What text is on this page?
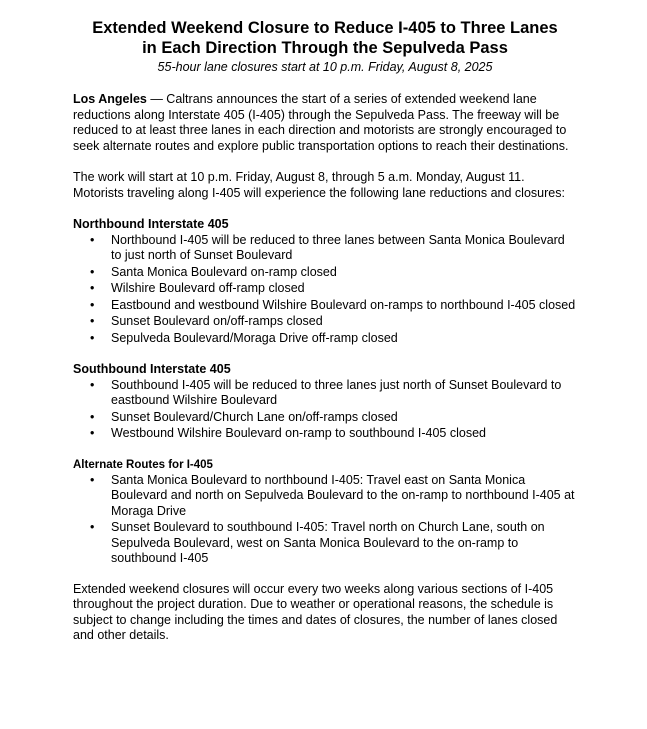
Extended Weekend Closure to Reduce I-405 to Three Lanes
in Each Direction Through the Sepulveda Pass
55-hour lane closures start at 10 p.m. Friday, August 8, 2025

Los Angeles — Caltrans announces the start of a series of extended weekend lane reductions along Interstate 405 (I-405) through the Sepulveda Pass. The freeway will be reduced to at least three lanes in each direction and motorists are strongly encouraged to seek alternate routes and explore public transportation options to reach their destinations.

The work will start at 10 p.m. Friday, August 8, through 5 a.m. Monday, August 11. Motorists traveling along I-405 will experience the following lane reductions and closures:

Northbound Interstate 405
• Northbound I-405 will be reduced to three lanes between Santa Monica Boulevard to just north of Sunset Boulevard
• Santa Monica Boulevard on-ramp closed
• Wilshire Boulevard off-ramp closed
• Eastbound and westbound Wilshire Boulevard on-ramps to northbound I-405 closed
• Sunset Boulevard on/off-ramps closed
• Sepulveda Boulevard/Moraga Drive off-ramp closed
Southbound Interstate 405
• Southbound I-405 will be reduced to three lanes just north of Sunset Boulevard to eastbound Wilshire Boulevard
• Sunset Boulevard/Church Lane on/off-ramps closed
• Westbound Wilshire Boulevard on-ramp to southbound I-405 closed
Alternate Routes for I-405
• Santa Monica Boulevard to northbound I-405: Travel east on Santa Monica Boulevard and north on Sepulveda Boulevard to the on-ramp to northbound I-405 at Moraga Drive
• Sunset Boulevard to southbound I-405: Travel north on Church Lane, south on Sepulveda Boulevard, west on Santa Monica Boulevard to the on-ramp to southbound I-405

Extended weekend closures will occur every two weeks along various sections of I-405 throughout the project duration. Due to weather or operational reasons, the schedule is subject to change including the times and dates of closures, the number of lanes closed and other details.
